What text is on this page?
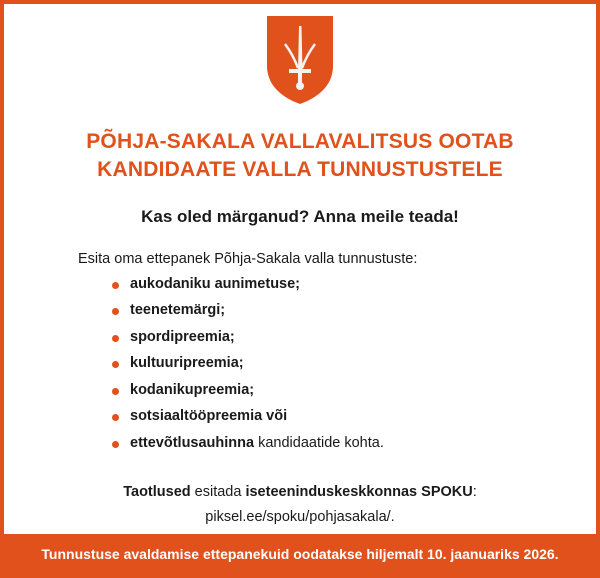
PÕHJA-SAKALA VALLAVALITSUS OOTAB
KANDIDAATE VALLA TUNNUSTUSTELE
Kas oled märganud? Anna meile teada!
Esita oma ettepanek Põhja-Sakala valla tunnustuste:
aukodaniku aunimetuse;
teenetemärgi;
spordipreemia;
kultuuripreemia;
kodanikupreemia;
sotsiaaltööpreemia või
ettevõtlusauhinna kandidaatide kohta.
Taotlused esitada iseteeninduskeskkonnas SPOKU:
piksel.ee/spoku/pohjasakala/.
Tunnustuse avaldamise ettepanekuid oodatakse hiljemalt 10. jaanuariks 2026.
